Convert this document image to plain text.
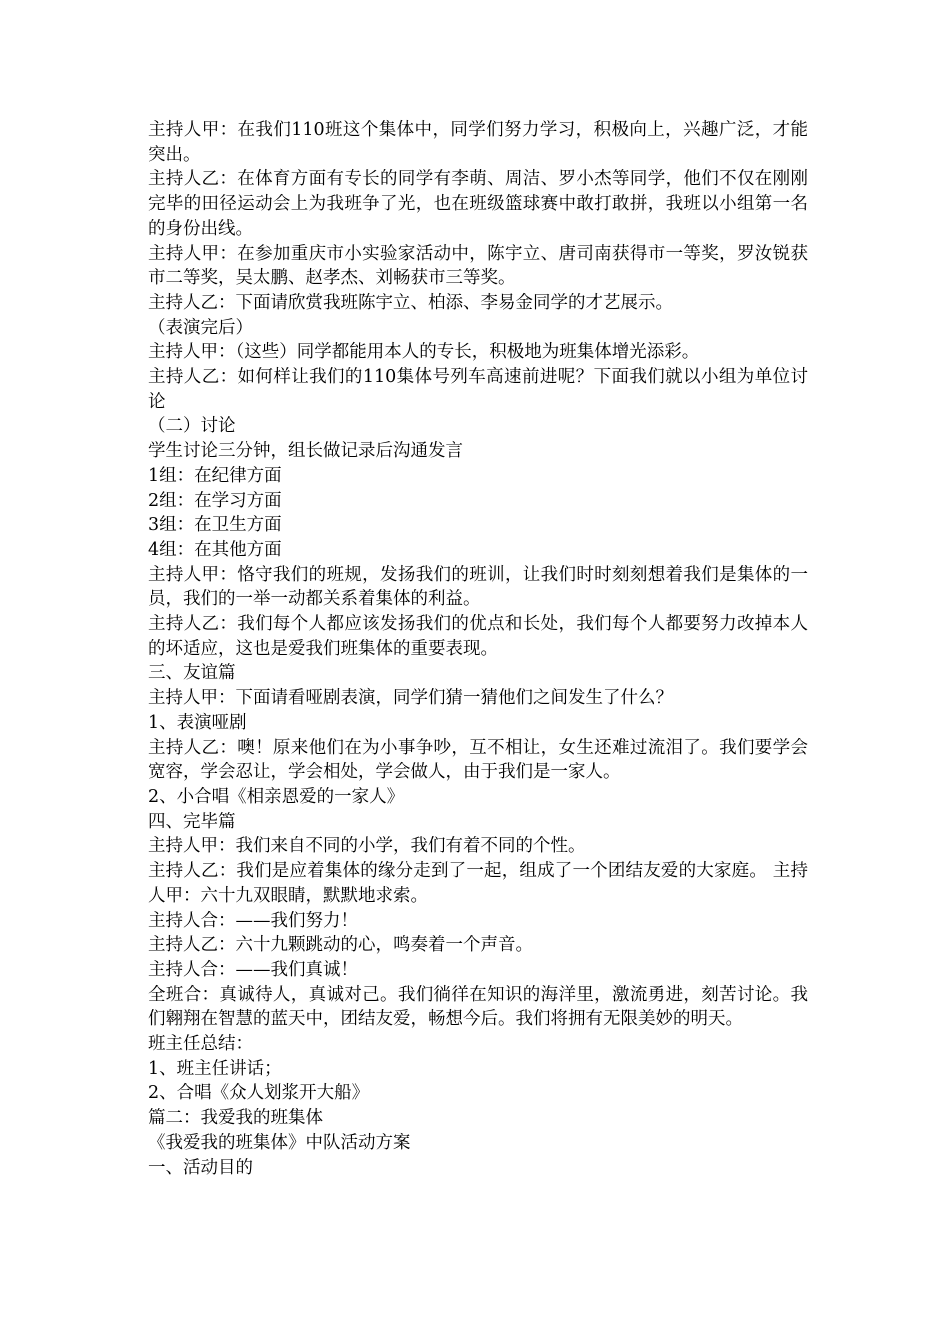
主持人甲：在我们110班这个集体中，同学们努力学习，积极向上，兴趣广泛，才能突出。

主持人乙：在体育方面有专长的同学有李萌、周洁、罗小杰等同学，他们不仅在刚刚完毕的田径运动会上为我班争了光，也在班级篮球赛中敢打敢拼，我班以小组第一名的身份出线。

主持人甲：在参加重庆市小实验家活动中，陈宇立、唐司南获得市一等奖，罗汝锐获市二等奖，吴太鹏、赵孝杰、刘畅获市三等奖。

主持人乙：下面请欣赏我班陈宇立、柏添、李易金同学的才艺展示。

（表演完后）

主持人甲：（这些）同学都能用本人的专长，积极地为班集体增光添彩。

主持人乙：如何样让我们的110集体号列车高速前进呢？下面我们就以小组为单位讨论

（二）讨论

学生讨论三分钟，组长做记录后沟通发言

1组：在纪律方面

2组：在学习方面

3组：在卫生方面

4组：在其他方面

主持人甲：恪守我们的班规，发扬我们的班训，让我们时时刻刻想着我们是集体的一员，我们的一举一动都关系着集体的利益。

主持人乙：我们每个人都应该发扬我们的优点和长处，我们每个人都要努力改掉本人的坏适应，这也是爱我们班集体的重要表现。

三、友谊篇

主持人甲：下面请看哑剧表演，同学们猜一猜他们之间发生了什么？

1、表演哑剧

主持人乙：噢！原来他们在为小事争吵，互不相让，女生还难过流泪了。我们要学会宽容，学会忍让，学会相处，学会做人，由于我们是一家人。

2、小合唱《相亲恩爱的一家人》

四、完毕篇

主持人甲：我们来自不同的小学，我们有着不同的个性。

主持人乙：我们是应着集体的缘分走到了一起，组成了一个团结友爱的大家庭。 主持人甲：六十九双眼睛，默默地求索。

主持人合：——我们努力！

主持人乙：六十九颗跳动的心，鸣奏着一个声音。

主持人合：——我们真诚！

全班合：真诚待人，真诚对己。我们徜徉在知识的海洋里，激流勇进，刻苦讨论。我们翱翔在智慧的蓝天中，团结友爱，畅想今后。我们将拥有无限美妙的明天。

班主任总结：

1、班主任讲话；

2、合唱《众人划浆开大船》

篇二：我爱我的班集体

《我爱我的班集体》中队活动方案

一、活动目的
